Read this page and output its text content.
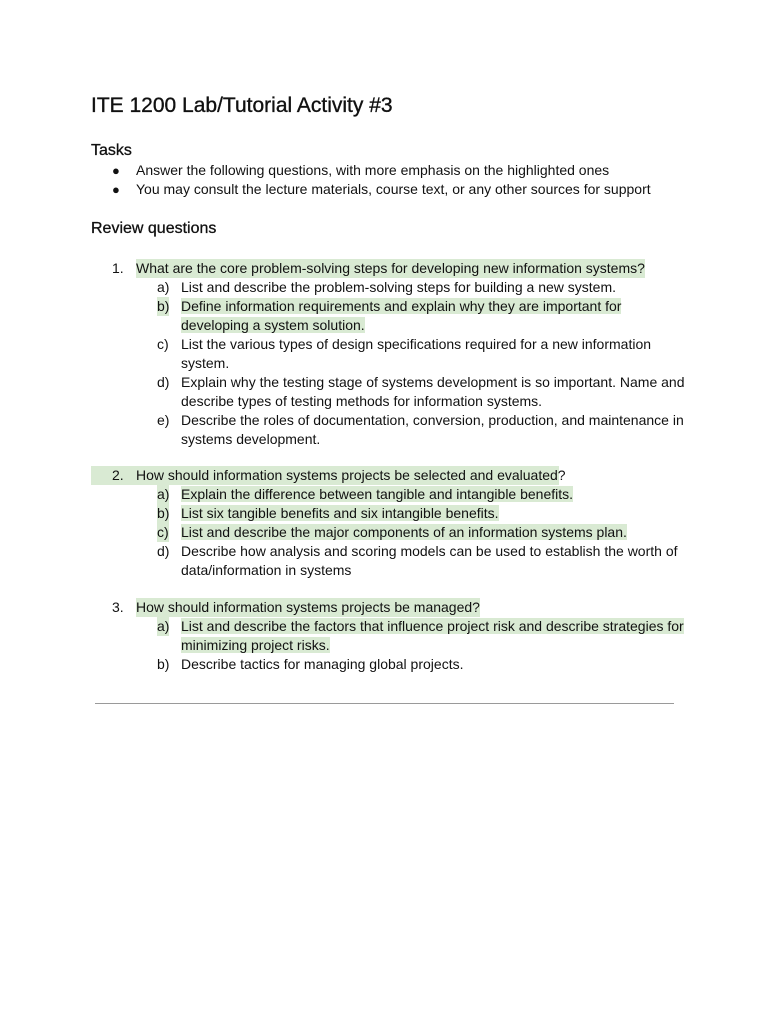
ITE 1200 Lab/Tutorial Activity #3
Tasks
● Answer the following questions, with more emphasis on the highlighted ones
● You may consult the lecture materials, course text, or any other sources for support
Review questions
1. What are the core problem-solving steps for developing new information systems?
a) List and describe the problem-solving steps for building a new system.
b) Define information requirements and explain why they are important for developing a system solution.
c) List the various types of design specifications required for a new information system.
d) Explain why the testing stage of systems development is so important. Name and describe types of testing methods for information systems.
e) Describe the roles of documentation, conversion, production, and maintenance in systems development.
2. How should information systems projects be selected and evaluated?
a) Explain the difference between tangible and intangible benefits.
b) List six tangible benefits and six intangible benefits.
c) List and describe the major components of an information systems plan.
d) Describe how analysis and scoring models can be used to establish the worth of data/information in systems
3. How should information systems projects be managed?
a) List and describe the factors that influence project risk and describe strategies for minimizing project risks.
b) Describe tactics for managing global projects.
